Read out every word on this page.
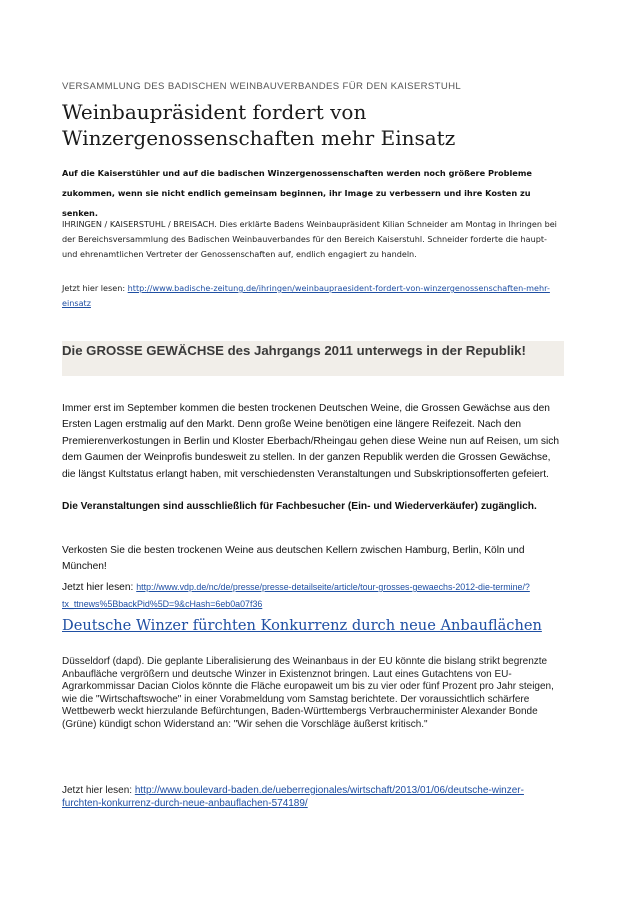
VERSAMMLUNG DES BADISCHEN WEINBAUVERBANDES FÜR DEN KAISERSTUHL

Weinbaupräsident fordert von Winzergenossenschaften mehr Einsatz

Auf die Kaiserstühler und auf die badischen Winzergenossenschaften werden noch größere Probleme zukommen, wenn sie nicht endlich gemeinsam beginnen, ihr Image zu verbessern und ihre Kosten zu senken.

IHRINGEN / KAISERSTUHL / BREISACH. Dies erklärte Badens Weinbaupräsident Kilian Schneider am Montag in Ihringen bei der Bereichsversammlung des Badischen Weinbauverbandes für den Bereich Kaiserstuhl. Schneider forderte die haupt- und ehrenamtlichen Vertreter der Genossenschaften auf, endlich engagiert zu handeln.

Jetzt hier lesen: http://www.badische-zeitung.de/ihringen/weinbaupraesident-fordert-von-winzergenossenschaften-mehr-einsatz

Die GROSSE GEWÄCHSE des Jahrgangs 2011 unterwegs in der Republik!

Immer erst im September kommen die besten trockenen Deutschen Weine, die Grossen Gewächse aus den Ersten Lagen erstmalig auf den Markt. Denn große Weine benötigen eine längere Reifezeit. Nach den Premierenverkostungen in Berlin und Kloster Eberbach/Rheingau gehen diese Weine nun auf Reisen, um sich dem Gaumen der Weinprofis bundesweit zu stellen. In der ganzen Republik werden die Grossen Gewächse, die längst Kultstatus erlangt haben, mit verschiedensten Veranstaltungen und Subskriptionsofferten gefeiert.

Die Veranstaltungen sind ausschließlich für Fachbesucher (Ein- und Wiederverkäufer) zugänglich.

Verkosten Sie die besten trockenen Weine aus deutschen Kellern zwischen Hamburg, Berlin, Köln und München!

Jetzt hier lesen: http://www.vdp.de/nc/de/presse/presse-detailseite/article/tour-grosses-gewaechs-2012-die-termine/?tx_ttnews%5BbackPid%5D=9&cHash=6eb0a07f36

Deutsche Winzer fürchten Konkurrenz durch neue Anbauflächen

Düsseldorf (dapd). Die geplante Liberalisierung des Weinanbaus in der EU könnte die bislang strikt begrenzte Anbaufläche vergrößern und deutsche Winzer in Existenznot bringen. Laut eines Gutachtens von EU-Agrarkommissar Dacian Ciolos könnte die Fläche europaweit um bis zu vier oder fünf Prozent pro Jahr steigen, wie die "Wirtschaftswoche" in einer Vorabmeldung vom Samstag berichtete. Der voraussichtlich schärfere Wettbewerb weckt hierzulande Befürchtungen, Baden-Württembergs Verbraucherminister Alexander Bonde (Grüne) kündigt schon Widerstand an: "Wir sehen die Vorschläge äußerst kritisch."

Jetzt hier lesen: http://www.boulevard-baden.de/ueberregionales/wirtschaft/2013/01/06/deutsche-winzer-furchten-konkurrenz-durch-neue-anbauflachen-574189/
